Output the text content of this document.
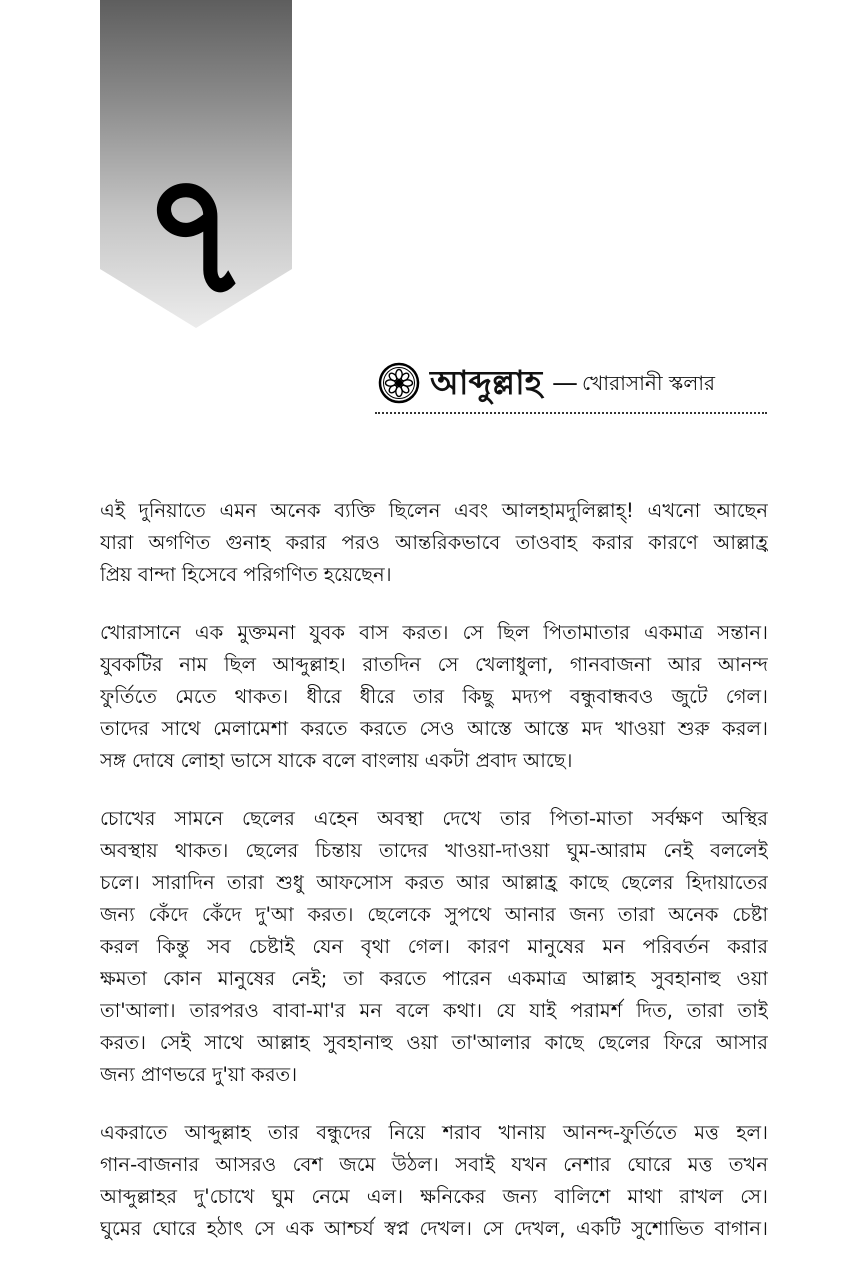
৭
আব্দুল্লাহ — খোরাসানী স্কলার
এই দুনিয়াতে এমন অনেক ব্যক্তি ছিলেন এবং আলহামদুলিল্লাহ্! এখনো আছেন
যারা অগণিত গুনাহ করার পরও আন্তরিকভাবে তাওবাহ করার কারণে আল্লাহ্র
প্রিয় বান্দা হিসেবে পরিগণিত হয়েছেন।
খোরাসানে এক মুক্তমনা যুবক বাস করত। সে ছিল পিতামাতার একমাত্র সন্তান।
যুবকটির নাম ছিল আব্দুল্লাহ। রাতদিন সে খেলাধুলা, গানবাজনা আর আনন্দ
ফুর্তিতে মেতে থাকত। ধীরে ধীরে তার কিছু মদ্যপ বন্ধুবান্ধবও জুটে গেল।
তাদের সাথে মেলামেশা করতে করতে সেও আস্তে আস্তে মদ খাওয়া শুরু করল।
সঙ্গ দোষে লোহা ভাসে যাকে বলে বাংলায় একটা প্রবাদ আছে।
চোখের সামনে ছেলের এহেন অবস্থা দেখে তার পিতা-মাতা সর্বক্ষণ অস্থির
অবস্থায় থাকত। ছেলের চিন্তায় তাদের খাওয়া-দাওয়া ঘুম-আরাম নেই বললেই
চলে। সারাদিন তারা শুধু আফসোস করত আর আল্লাহ্র কাছে ছেলের হিদায়াতের
জন্য কেঁদে কেঁদে দু'আ করত। ছেলেকে সুপথে আনার জন্য তারা অনেক চেষ্টা
করল কিন্তু সব চেষ্টাই যেন বৃথা গেল। কারণ মানুষের মন পরিবর্তন করার
ক্ষমতা কোন মানুষের নেই; তা করতে পারেন একমাত্র আল্লাহ সুবহানাহু ওয়া
তা'আলা। তারপরও বাবা-মা'র মন বলে কথা। যে যাই পরামর্শ দিত, তারা তাই
করত। সেই সাথে আল্লাহ সুবহানাহু ওয়া তা'আলার কাছে ছেলের ফিরে আসার
জন্য প্রাণভরে দু'য়া করত।
একরাতে আব্দুল্লাহ তার বন্ধুদের নিয়ে শরাব খানায় আনন্দ-ফুর্তিতে মত্ত হল।
গান-বাজনার আসরও বেশ জমে উঠল। সবাই যখন নেশার ঘোরে মত্ত তখন
আব্দুল্লাহর দু'চোখে ঘুম নেমে এল। ক্ষনিকের জন্য বালিশে মাথা রাখল সে।
ঘুমের ঘোরে হঠাৎ সে এক আশ্চর্য স্বপ্ন দেখল। সে দেখল, একটি সুশোভিত বাগান।
